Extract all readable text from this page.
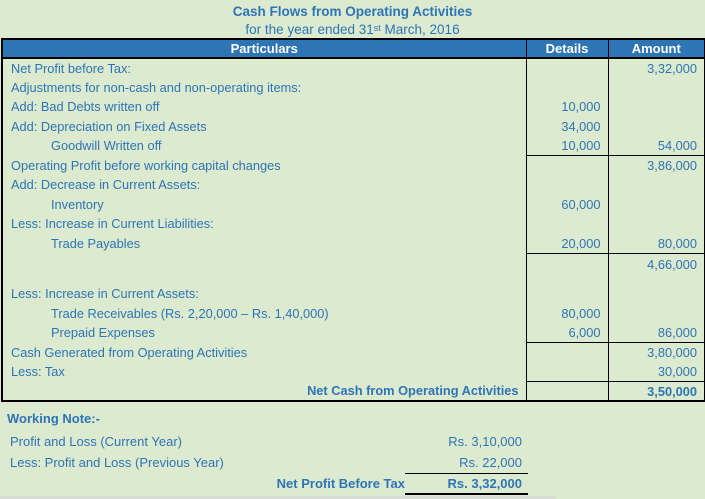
Cash Flows from Operating Activities
for the year ended 31st March, 2016
Particulars	Details	Amount
Net Profit before Tax:		3,32,000
Adjustments for non-cash and non-operating items:		
Add: Bad Debts written off	10,000	
Add: Depreciation on Fixed Assets	34,000	
Goodwill Written off	10,000	54,000
Operating Profit before working capital changes		3,86,000
Add: Decrease in Current Assets:		
Inventory	60,000	
Less: Increase in Current Liabilities:		
Trade Payables	20,000	80,000
		4,66,000

Less: Increase in Current Assets:		
Trade Receivables (Rs. 2,20,000 – Rs. 1,40,000)	80,000	
Prepaid Expenses	6,000	86,000
Cash Generated from Operating Activities		3,80,000
Less: Tax		30,000
Net Cash from Operating Activities		3,50,000
Working Note:-
Profit and Loss (Current Year)	Rs. 3,10,000
Less: Profit and Loss (Previous Year)	Rs. 22,000
Net Profit Before Tax	Rs. 3,32,000
